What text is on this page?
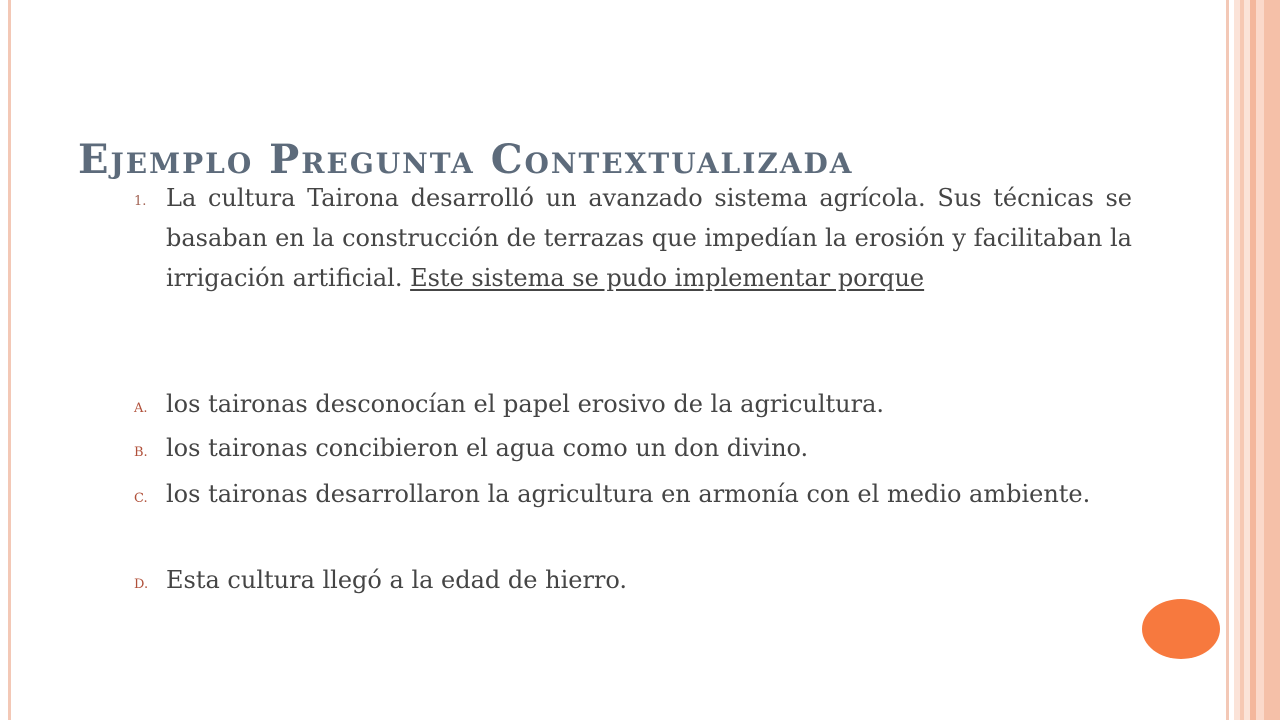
Ejemplo Pregunta Contextualizada
1. La cultura Tairona desarrolló un avanzado sistema agrícola. Sus técnicas se basaban en la construcción de terrazas que impedían la erosión y facilitaban la irrigación artificial. Este sistema se pudo implementar porque
A. los taironas desconocían el papel erosivo de la agricultura.
B. los taironas concibieron el agua como un don divino.
C. los taironas desarrollaron la agricultura en armonía con el medio ambiente.
D. Esta cultura llegó a la edad de hierro.
